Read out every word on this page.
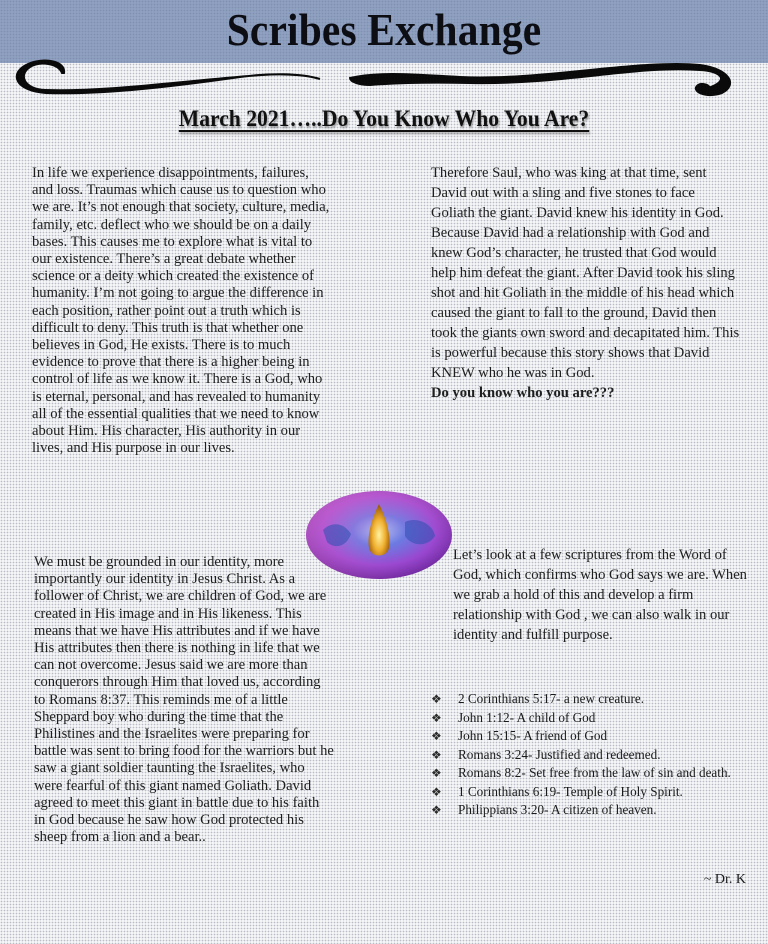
Scribes Exchange
March 2021…..Do You Know Who You Are?
In life we experience disappointments, failures, and loss. Traumas which cause us to question who we are. It’s not enough that society, culture, media, family, etc. deflect who we should be on a daily bases. This causes me to explore what is vital to our existence. There’s a great debate whether science or a deity which created the existence of humanity. I’m not going to argue the difference in each position, rather point out a truth which is difficult to deny. This truth is that whether one believes in God, He exists. There is to much evidence to prove that there is a higher being in control of life as we know it. There is a God, who is eternal, personal, and has revealed to humanity all of the essential qualities that we need to know about Him. His character, His authority in our lives, and His purpose in our lives.
We must be grounded in our identity, more importantly our identity in Jesus Christ. As a follower of Christ, we are children of God, we are created in His image and in His likeness. This means that we have His attributes and if we have His attributes then there is nothing in life that we can not overcome. Jesus said we are more than conquerors through Him that loved us, according to Romans 8:37. This reminds me of a little Sheppard boy who during the time that the Philistines and the Israelites were preparing for battle was sent to bring food for the warriors but he saw a giant soldier taunting the Israelites, who were fearful of this giant named Goliath. David agreed to meet this giant in battle due to his faith in God because he saw how God protected his sheep from a lion and a bear..
Therefore Saul, who was king at that time, sent David out with a sling and five stones to face Goliath the giant. David knew his identity in God. Because David had a relationship with God and knew God’s character, he trusted that God would help him defeat the giant. After David took his sling shot and hit Goliath in the middle of his head which caused the giant to fall to the ground, David then took the giants own sword and decapitated him. This is powerful because this story shows that David KNEW who he was in God.
Do you know who you are???
Let’s look at a few scriptures from the Word of God, which confirms who God says we are. When we grab a hold of this and develop a firm relationship with God , we can also walk in our identity and fulfill purpose.
❖ 2 Corinthians 5:17- a new creature.
❖ John 1:12- A child of God
❖ John 15:15- A friend of God
❖ Romans 3:24- Justified and redeemed.
❖ Romans 8:2- Set free from the law of sin and death.
❖ 1 Corinthians 6:19- Temple of Holy Spirit.
❖ Philippians 3:20- A citizen of heaven.
~ Dr. K
